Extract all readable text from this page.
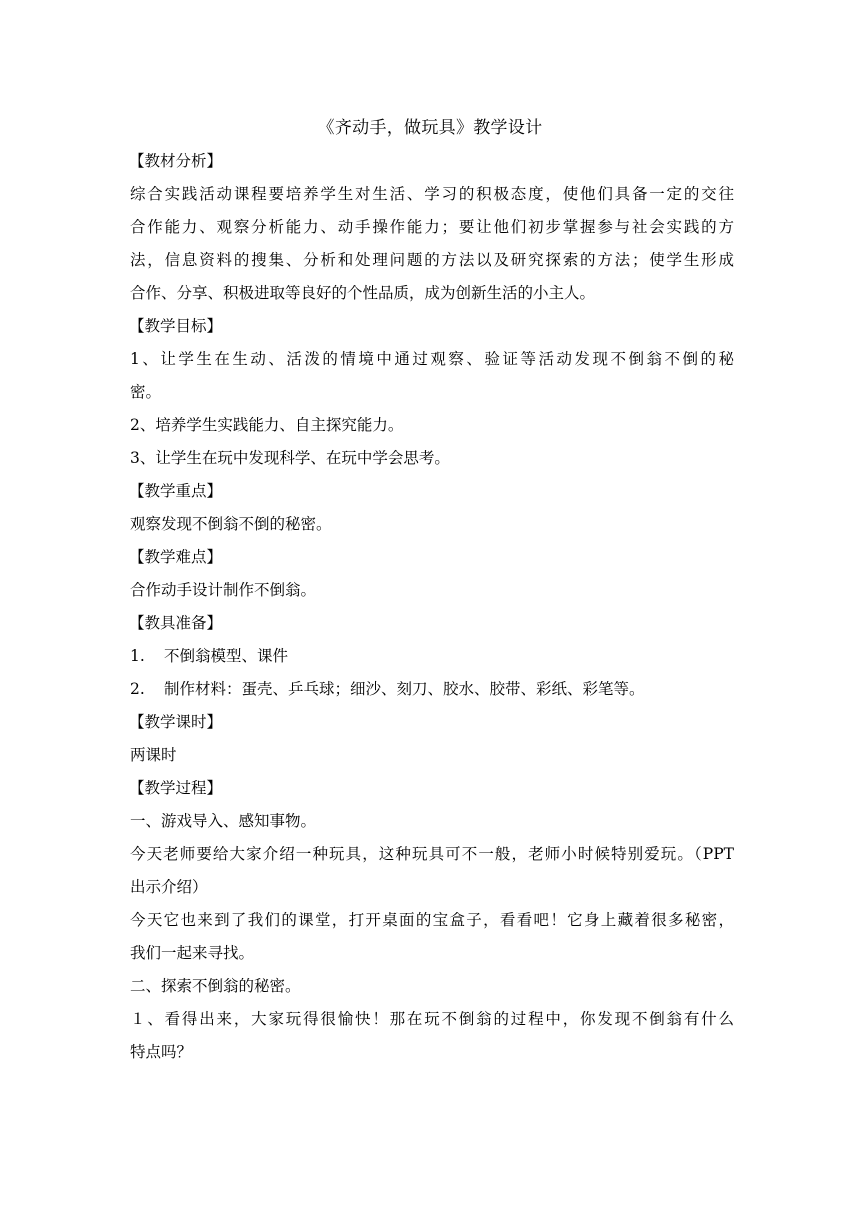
《齐动手，做玩具》教学设计
【教材分析】
综合实践活动课程要培养学生对生活、学习的积极态度，使他们具备一定的交往
合作能力、观察分析能力、动手操作能力；要让他们初步掌握参与社会实践的方
法，信息资料的搜集、分析和处理问题的方法以及研究探索的方法；使学生形成
合作、分享、积极进取等良好的个性品质，成为创新生活的小主人。
【教学目标】
1、让学生在生动、活泼的情境中通过观察、验证等活动发现不倒翁不倒的秘
密。
2、培养学生实践能力、自主探究能力。
3、让学生在玩中发现科学、在玩中学会思考。
【教学重点】
观察发现不倒翁不倒的秘密。
【教学难点】
合作动手设计制作不倒翁。
【教具准备】
1. 不倒翁模型、课件
2. 制作材料：蛋壳、乒乓球；细沙、刻刀、胶水、胶带、彩纸、彩笔等。
【教学课时】
两课时
【教学过程】
一、游戏导入、感知事物。
今天老师要给大家介绍一种玩具，这种玩具可不一般，老师小时候特别爱玩。（PPT
出示介绍）
今天它也来到了我们的课堂，打开桌面的宝盒子，看看吧！它身上藏着很多秘密，
我们一起来寻找。
二、探索不倒翁的秘密。
１、看得出来，大家玩得很愉快！那在玩不倒翁的过程中，你发现不倒翁有什么
特点吗？
